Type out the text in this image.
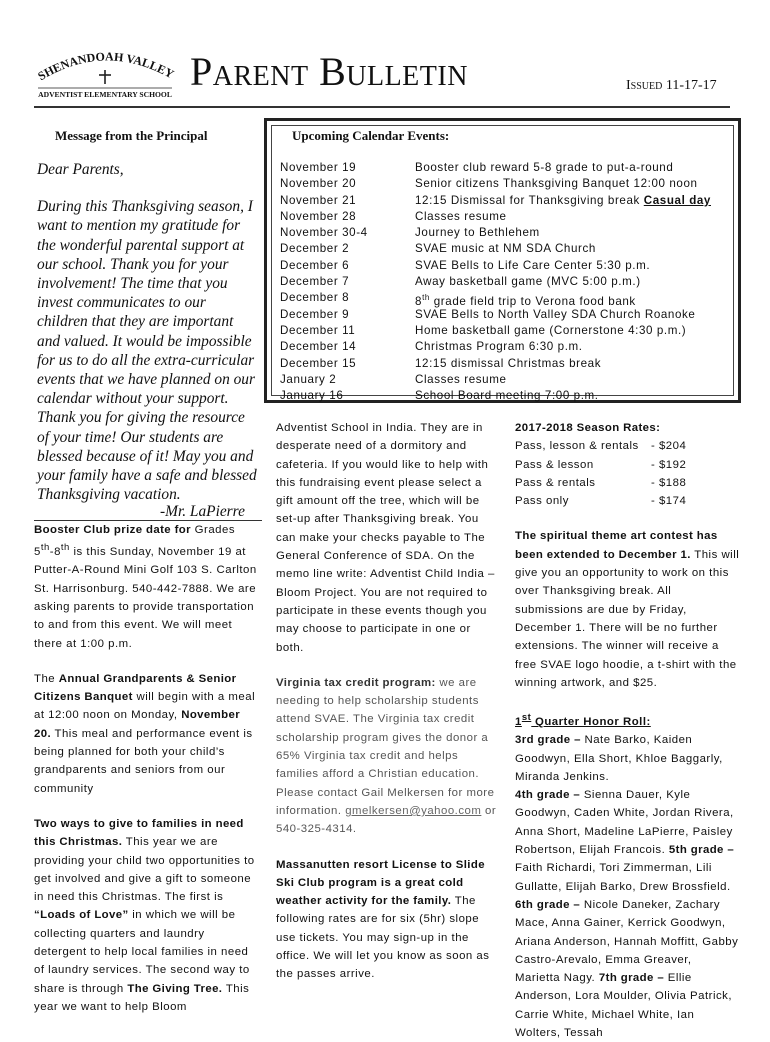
SHENANDOAH VALLEY
ADVENTIST ELEMENTARY SCHOOL
Parent Bulletin	Issued 11-17-17
Message from the Principal

Dear Parents,

During this Thanksgiving season, I want to mention my gratitude for the wonderful parental support at our school. Thank you for your involvement! The time that you invest communicates to our children that they are important and valued. It would be impossible for us to do all the extra-curricular events that we have planned on our calendar without your support. Thank you for giving the resource of your time! Our students are blessed because of it! May you and your family have a safe and blessed Thanksgiving vacation.

-Mr. LaPierre
Upcoming Calendar Events:
November 19	Booster club reward 5-8 grade to put-a-round
November 20	Senior citizens Thanksgiving Banquet 12:00 noon
November 21	12:15 Dismissal for Thanksgiving break Casual day
November 28	Classes resume
November 30-4	Journey to Bethlehem
December 2	SVAE music at NM SDA Church
December 6	SVAE Bells to Life Care Center 5:30 p.m.
December 7	Away basketball game (MVC 5:00 p.m.)
December 8	8th grade field trip to Verona food bank
December 9	SVAE Bells to North Valley SDA Church Roanoke
December 11	Home basketball game (Cornerstone 4:30 p.m.)
December 14	Christmas Program 6:30 p.m.
December 15	12:15 dismissal Christmas break
January 2	Classes resume
January 16	School Board meeting 7:00 p.m.

Booster Club prize date for Grades 5th-8th is this Sunday, November 19 at Putter-A-Round Mini Golf 103 S. Carlton St. Harrisonburg. 540-442-7888. We are asking parents to provide transportation to and from this event. We will meet there at 1:00 p.m.

The Annual Grandparents & Senior Citizens Banquet will begin with a meal at 12:00 noon on Monday, November 20. This meal and performance event is being planned for both your child’s grandparents and seniors from our community

Two ways to give to families in need this Christmas. This year we are providing your child two opportunities to get involved and give a gift to someone in need this Christmas. The first is “Loads of Love” in which we will be collecting quarters and laundry detergent to help local families in need of laundry services. The second way to share is through The Giving Tree. This year we want to help Bloom

Adventist School in India. They are in desperate need of a dormitory and cafeteria. If you would like to help with this fundraising event please select a gift amount off the tree, which will be set-up after Thanksgiving break. You can make your checks payable to The General Conference of SDA. On the memo line write: Adventist Child India – Bloom Project. You are not required to participate in these events though you may choose to participate in one or both.

Virginia tax credit program: we are needing to help scholarship students attend SVAE. The Virginia tax credit scholarship program gives the donor a 65% Virginia tax credit and helps families afford a Christian education. Please contact Gail Melkersen for more information. gmelkersen@yahoo.com or 540-325-4314.

Massanutten resort License to Slide Ski Club program is a great cold weather activity for the family. The following rates are for six (5hr) slope use tickets. You may sign-up in the office. We will let you know as soon as the passes arrive.

2017-2018 Season Rates:
Pass, lesson & rentals	- $204
Pass & lesson	- $192
Pass & rentals	- $188
Pass only	- $174

The spiritual theme art contest has been extended to December 1. This will give you an opportunity to work on this over Thanksgiving break. All submissions are due by Friday, December 1. There will be no further extensions. The winner will receive a free SVAE logo hoodie, a t-shirt with the winning artwork, and $25.

1st Quarter Honor Roll:
3rd grade – Nate Barko, Kaiden Goodwyn, Ella Short, Khloe Baggarly, Miranda Jenkins.
4th grade – Sienna Dauer, Kyle Goodwyn, Caden White, Jordan Rivera, Anna Short, Madeline LaPierre, Paisley Robertson, Elijah Francois. 5th grade – Faith Richardi, Tori Zimmerman, Lili Gullatte, Elijah Barko, Drew Brossfield. 6th grade – Nicole Daneker, Zachary Mace, Anna Gainer, Kerrick Goodwyn, Ariana Anderson, Hannah Moffitt, Gabby Castro-Arevalo, Emma Greaver, Marietta Nagy. 7th grade – Ellie Anderson, Lora Moulder, Olivia Patrick, Carrie White, Michael White, Ian Wolters, Tessah
